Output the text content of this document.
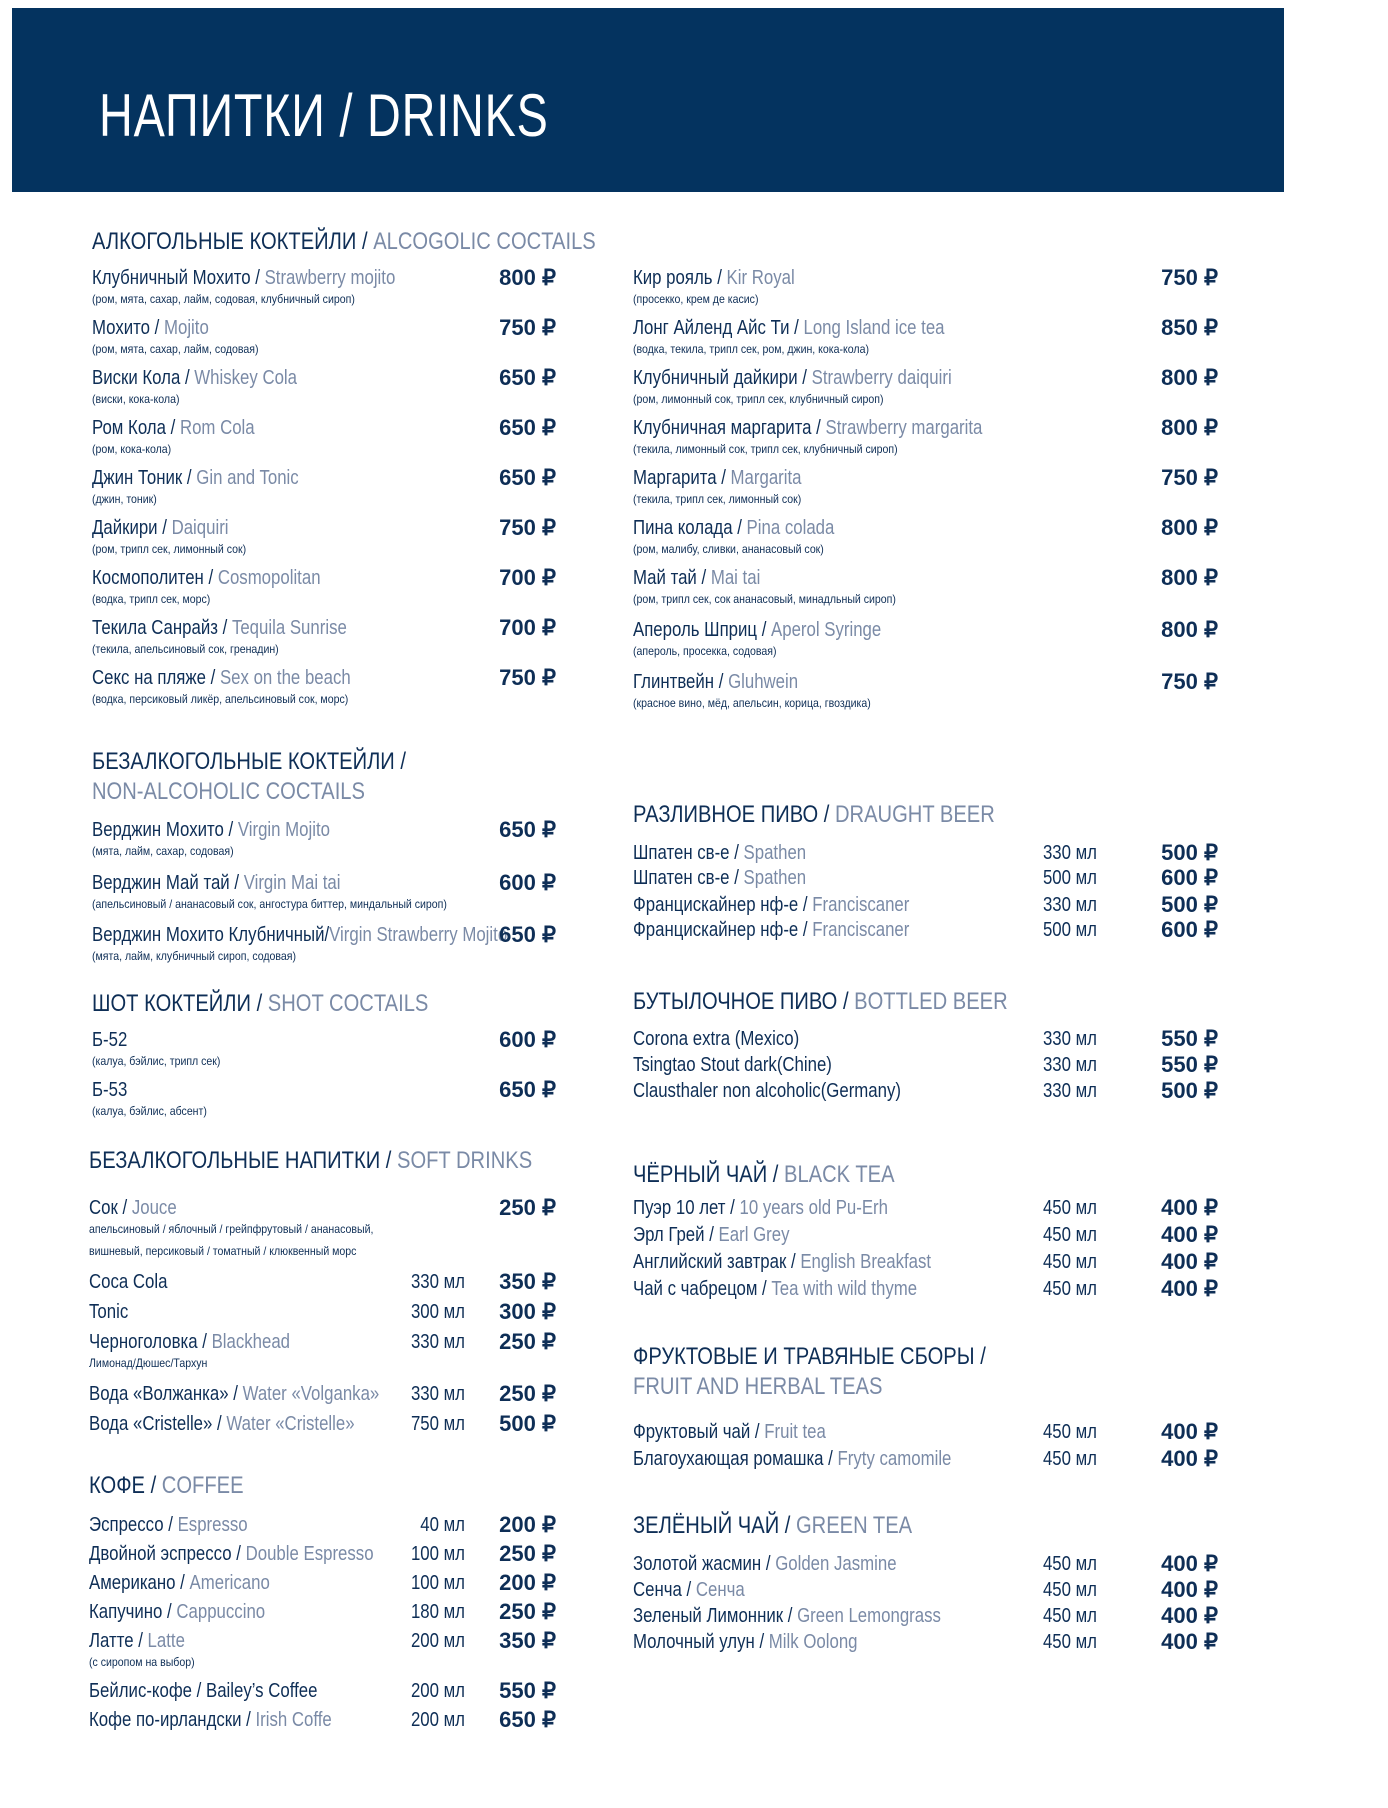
НАПИТКИ / DRINKS
АЛКОГОЛЬНЫЕ КОКТЕЙЛИ / ALCOGOLIC COCTAILS
Клубничный Мохито / Strawberry mojito
(ром, мята, сахар, лайм, содовая, клубничный сироп)
800 ₽
Мохито / Mojito
(ром, мята, сахар, лайм, содовая)
750 ₽
Виски Кола / Whiskey Cola
(виски, кока-кола)
650 ₽
Ром Кола / Rom Cola
(ром, кока-кола)
650 ₽
Джин Тоник / Gin and Tonic
(джин, тоник)
650 ₽
Дайкири / Daiquiri
(ром, трипл сек, лимонный сок)
750 ₽
Космополитен / Cosmopolitan
(водка, трипл сек, морс)
700 ₽
Текила Санрайз / Tequila Sunrise
(текила, апельсиновый сок, гренадин)
700 ₽
Секс на пляже / Sex on the beach
(водка, персиковый ликёр, апельсиновый сок, морс)
750 ₽
БЕЗАЛКОГОЛЬНЫЕ КОКТЕЙЛИ /
NON-ALCOHOLIC COCTAILS
Верджин Мохито / Virgin Mojito
(мята, лайм, сахар, содовая)
650 ₽
Верджин Май тай / Virgin Mai tai
(апельсиновый / ананасовый сок, ангостура биттер, миндальный сироп)
600 ₽
Верджин Мохито Клубничный/Virgin Strawberry Mojito
(мята, лайм, клубничный сироп, содовая)
650 ₽
ШОТ КОКТЕЙЛИ / SHOT COCTAILS
Б-52
(калуа, бэйлис, трипл сек)
600 ₽
Б-53
(калуа, бэйлис, абсент)
650 ₽
БЕЗАЛКОГОЛЬНЫЕ НАПИТКИ / SOFT DRINKS
Сок / Jouce
апельсиновый / яблочный / грейпфрутовый / ананасовый,
вишневый, персиковый / томатный / клюквенный морс
250 ₽
Coca Cola	330 мл	350 ₽
Tonic	300 мл	300 ₽
Черноголовка / Blackhead
Лимонад/Дюшес/Тархун
330 мл	250 ₽
Вода «Волжанка» / Water «Volganka»	330 мл	250 ₽
Вода «Cristelle» / Water «Cristelle»	750 мл	500 ₽
КОФЕ / COFFEE
Эспрессо / Espresso	40 мл	200 ₽
Двойной эспрессо / Double Espresso	100 мл	250 ₽
Американо / Americano	100 мл	200 ₽
Капучино / Cappuccino	180 мл	250 ₽
Латте / Latte
(с сиропом на выбор)
200 мл	350 ₽
Бейлис-кофе / Bailey’s Coffee	200 мл	550 ₽
Кофе по-ирландски / Irish Coffe	200 мл	650 ₽
Кир рояль / Kir Royal
(просекко, крем де касис)
750 ₽
Лонг Айленд Айс Ти / Long Island ice tea
(водка, текила, трипл сек, ром, джин, кока-кола)
850 ₽
Клубничный дайкири / Strawberry daiquiri
(ром, лимонный сок, трипл сек, клубничный сироп)
800 ₽
Клубничная маргарита / Strawberry margarita
(текила, лимонный сок, трипл сек, клубничный сироп)
800 ₽
Маргарита / Margarita
(текила, трипл сек, лимонный сок)
750 ₽
Пина колада / Pina colada
(ром, малибу, сливки, ананасовый сок)
800 ₽
Май тай / Mai tai
(ром, трипл сек, сок ананасовый, минадльный сироп)
800 ₽
Апероль Шприц / Aperol Syringe
(апероль, просекка, содовая)
800 ₽
Глинтвейн / Gluhwein
(красное вино, мёд, апельсин, корица, гвоздика)
750 ₽
РАЗЛИВНОЕ ПИВО / DRAUGHT BEER
Шпатен св-е / Spathen	330 мл	500 ₽
Шпатен св-е / Spathen	500 мл	600 ₽
Францискайнер нф-е / Franciscaner	330 мл	500 ₽
Францискайнер нф-е / Franciscaner	500 мл	600 ₽
БУТЫЛОЧНОЕ ПИВО / BOTTLED BEER
Corona extra (Mexico)	330 мл	550 ₽
Tsingtao Stout dark(Chine)	330 мл	550 ₽
Clausthaler non alcoholic(Germany)	330 мл	500 ₽
ЧЁРНЫЙ ЧАЙ / BLACK TEA
Пуэр 10 лет / 10 years old Pu-Erh	450 мл	400 ₽
Эрл Грей / Earl Grey	450 мл	400 ₽
Английский завтрак / English Breakfast	450 мл	400 ₽
Чай с чабрецом / Tea with wild thyme	450 мл	400 ₽
ФРУКТОВЫЕ И ТРАВЯНЫЕ СБОРЫ /
FRUIT AND HERBAL TEAS
Фруктовый чай / Fruit tea	450 мл	400 ₽
Благоухающая ромашка / Fryty camomile	450 мл	400 ₽
ЗЕЛЁНЫЙ ЧАЙ / GREEN TEA
Золотой жасмин / Golden Jasmine	450 мл	400 ₽
Сенча / Сенча	450 мл	400 ₽
Зеленый Лимонник / Green Lemongrass	450 мл	400 ₽
Молочный улун / Milk Oolong	450 мл	400 ₽
